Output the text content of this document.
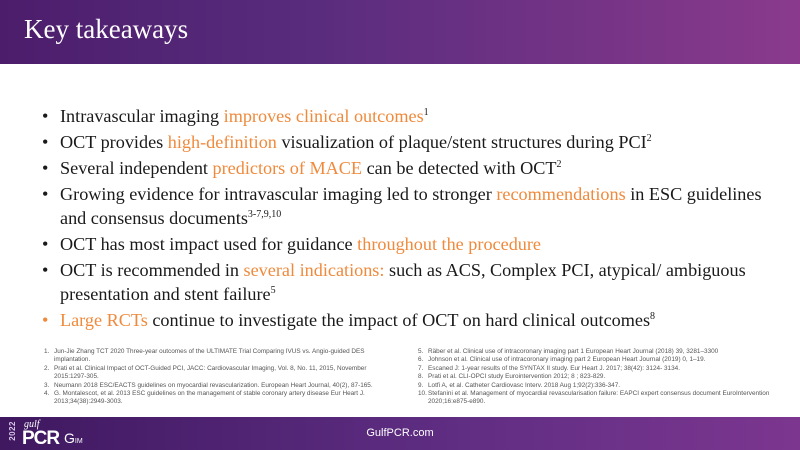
Key takeaways
• Intravascular imaging improves clinical outcomes$^1$
• OCT provides high-definition visualization of plaque/stent structures during PCI$^2$
• Several independent predictors of MACE can be detected with OCT$^2$
• Growing evidence for intravascular imaging led to stronger recommendations in ESC guidelines and consensus documents$^{3-7,9,10}$
• OCT has most impact used for guidance throughout the procedure
• OCT is recommended in several indications: such as ACS, Complex PCI, atypical/ ambiguous presentation and stent failure$^5$
• Large RCTs continue to investigate the impact of OCT on hard clinical outcomes$^8$
1. Jun-Jie Zhang TCT 2020 Three-year outcomes of the ULTIMATE Trial Comparing IVUS vs. Angio-guided DES implantation.
2. Prati et al. Clinical Impact of OCT-Guided PCI, JACC: Cardiovascular Imaging, Vol. 8, No. 11, 2015, November 2015:1297-305.
3. Neumann 2018 ESC/EACTS guidelines on myocardial revascularization. European Heart Journal, 40(2), 87-165.
4. G. Montalescot, et al. 2013 ESC guidelines on the management of stable coronary artery disease Eur Heart J. 2013;34(38):2949-3003.
5. Räber et al. Clinical use of intracoronary imaging part 1 European Heart Journal (2018) 39, 3281–3300
6. Johnson et al. Clinical use of intracoronary imaging part 2 European Heart Journal (2019) 0, 1–19.
7. Escaned J: 1-year results of the SYNTAX II study. Eur Heart J. 2017; 38(42): 3124- 3134.
8. Prati et al. CLI-OPCI study Eurointervention 2012; 8 ; 823-829.
9. Lotfi A, et al. Catheter Cardiovasc Interv. 2018 Aug 1;92(2):336-347.
10. Stefanini et al. Management of myocardial revascularisation failure: EAPCI expert consensus document EuroIntervention 2020;16:e875-e890.
2022 gulf
PCR GIM
GulfPCR.com
